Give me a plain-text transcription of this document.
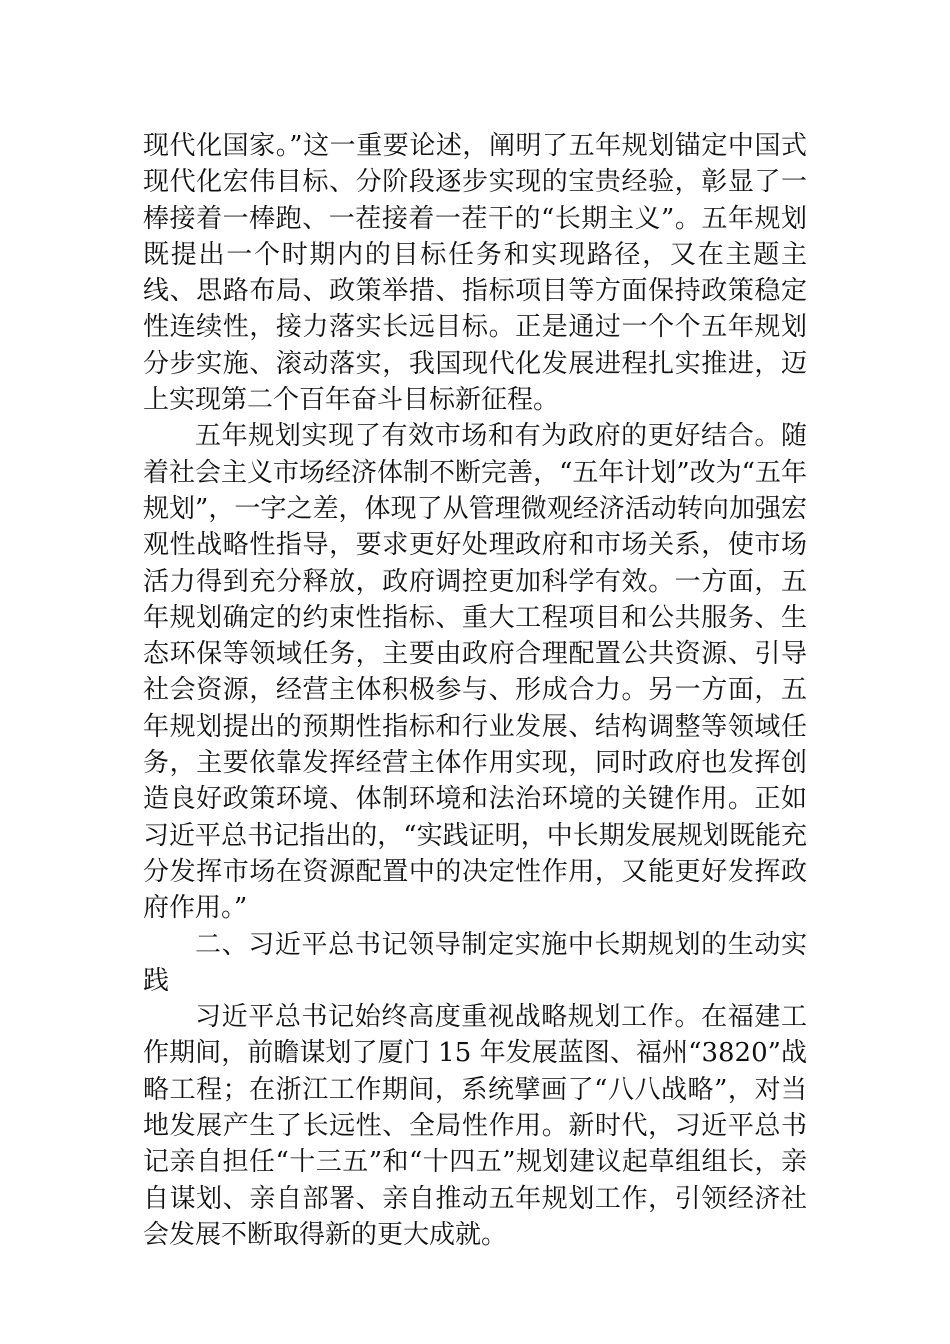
现代化国家。”这一重要论述，阐明了五年规划锚定中国式现代化宏伟目标、分阶段逐步实现的宝贵经验，彰显了一棒接着一棒跑、一茬接着一茬干的“长期主义”。五年规划既提出一个时期内的目标任务和实现路径，又在主题主线、思路布局、政策举措、指标项目等方面保持政策稳定性连续性，接力落实长远目标。正是通过一个个五年规划分步实施、滚动落实，我国现代化发展进程扎实推进，迈上实现第二个百年奋斗目标新征程。

五年规划实现了有效市场和有为政府的更好结合。随着社会主义市场经济体制不断完善，“五年计划”改为“五年规划”，一字之差，体现了从管理微观经济活动转向加强宏观性战略性指导，要求更好处理政府和市场关系，使市场活力得到充分释放，政府调控更加科学有效。一方面，五年规划确定的约束性指标、重大工程项目和公共服务、生态环保等领域任务，主要由政府合理配置公共资源、引导社会资源，经营主体积极参与、形成合力。另一方面，五年规划提出的预期性指标和行业发展、结构调整等领域任务，主要依靠发挥经营主体作用实现，同时政府也发挥创造良好政策环境、体制环境和法治环境的关键作用。正如习近平总书记指出的，“实践证明，中长期发展规划既能充分发挥市场在资源配置中的决定性作用，又能更好发挥政府作用。”

二、习近平总书记领导制定实施中长期规划的生动实践

习近平总书记始终高度重视战略规划工作。在福建工作期间，前瞻谋划了厦门 15 年发展蓝图、福州“3820”战略工程；在浙江工作期间，系统擘画了“八八战略”，对当地发展产生了长远性、全局性作用。新时代，习近平总书记亲自担任“十三五”和“十四五”规划建议起草组组长，亲自谋划、亲自部署、亲自推动五年规划工作，引领经济社会发展不断取得新的更大成就。
